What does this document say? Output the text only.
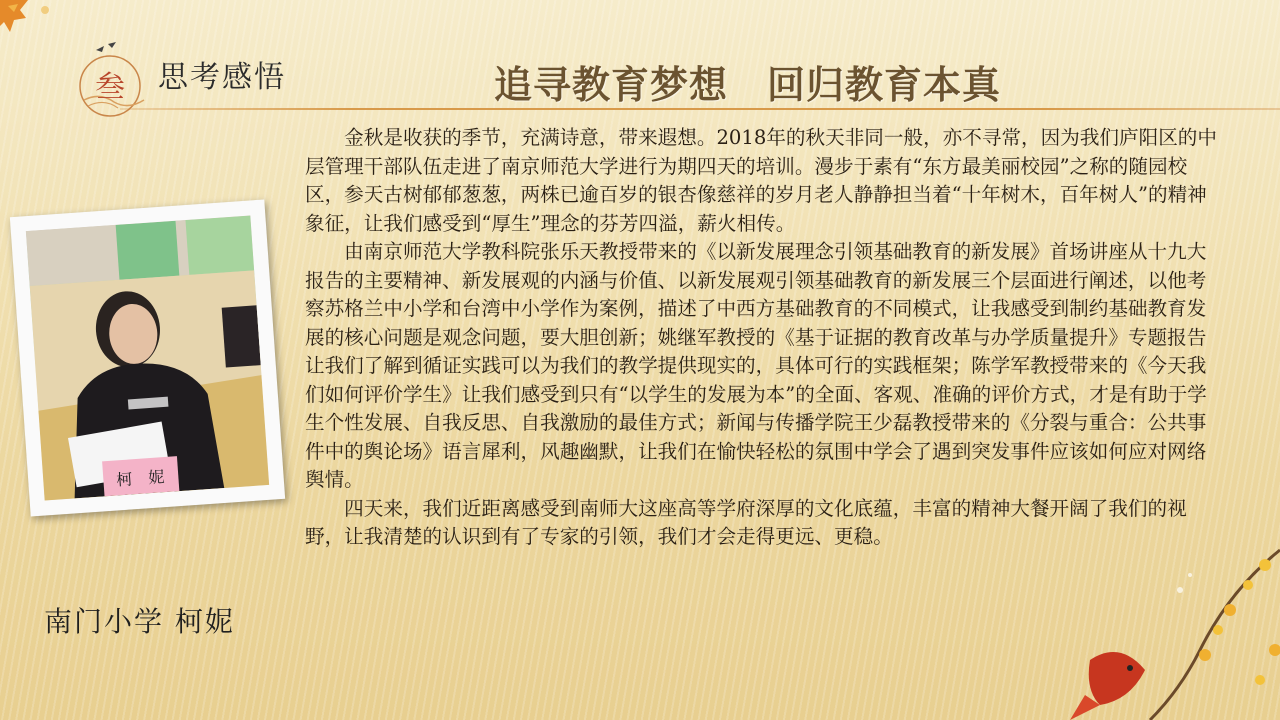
叁 思考感悟	追寻教育梦想　回归教育本真
柯　妮
南门小学 柯妮

　　金秋是收获的季节，充满诗意，带来遐想。2018年的秋天非同一般，亦不寻常，因为我们庐阳区的中层管理干部队伍走进了南京师范大学进行为期四天的培训。漫步于素有“东方最美丽校园”之称的随园校区，参天古树郁郁葱葱，两株已逾百岁的银杏像慈祥的岁月老人静静担当着“十年树木，百年树人”的精神象征，让我们感受到“厚生”理念的芬芳四溢，薪火相传。

　　由南京师范大学教科院张乐天教授带来的《以新发展理念引领基础教育的新发展》首场讲座从十九大报告的主要精神、新发展观的内涵与价值、以新发展观引领基础教育的新发展三个层面进行阐述，以他考察苏格兰中小学和台湾中小学作为案例，描述了中西方基础教育的不同模式，让我感受到制约基础教育发展的核心问题是观念问题，要大胆创新；姚继军教授的《基于证据的教育改革与办学质量提升》专题报告让我们了解到循证实践可以为我们的教学提供现实的，具体可行的实践框架；陈学军教授带来的《今天我们如何评价学生》让我们感受到只有“以学生的发展为本”的全面、客观、准确的评价方式，才是有助于学生个性发展、自我反思、自我激励的最佳方式；新闻与传播学院王少磊教授带来的《分裂与重合：公共事件中的舆论场》语言犀利，风趣幽默，让我们在愉快轻松的氛围中学会了遇到突发事件应该如何应对网络舆情。

　　四天来，我们近距离感受到南师大这座高等学府深厚的文化底蕴，丰富的精神大餐开阔了我们的视野，让我清楚的认识到有了专家的引领，我们才会走得更远、更稳。
